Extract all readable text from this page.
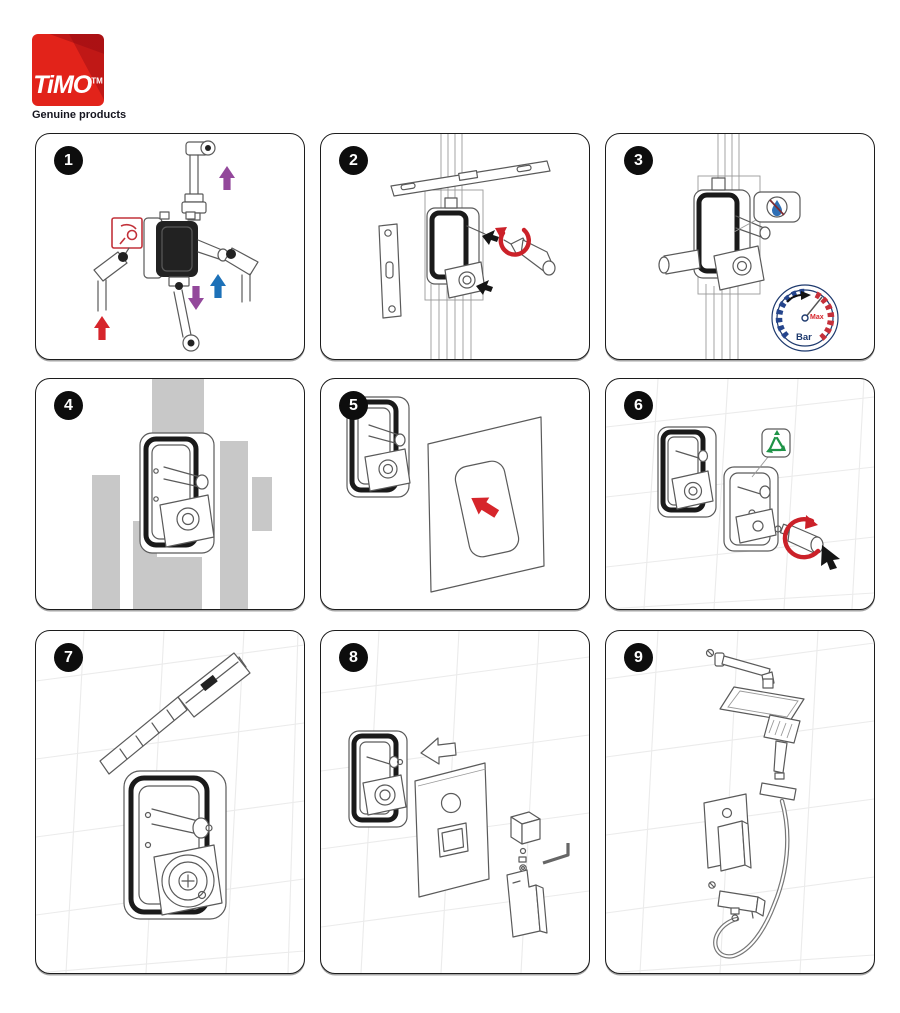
TiMO™
Genuine products
1	2	3
Max
Bar
4	5	6
7	8	9
